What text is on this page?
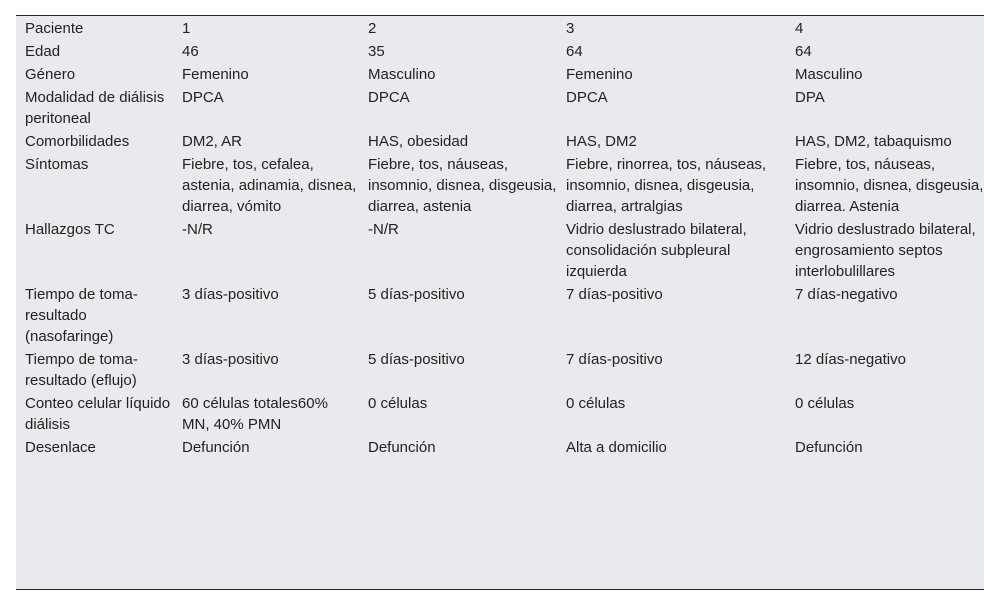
Paciente	1	2	3	4
Edad	46	35	64	64
Género	Femenino	Masculino	Femenino	Masculino
Modalidad de diálisis peritoneal	DPCA	DPCA	DPCA	DPA
Comorbilidades	DM2, AR	HAS, obesidad	HAS, DM2	HAS, DM2, tabaquismo
Síntomas	Fiebre, tos, cefalea, astenia, adinamia, disnea, diarrea, vómito	Fiebre, tos, náuseas, insomnio, disnea, disgeusia, diarrea, astenia	Fiebre, rinorrea, tos, náuseas, insomnio, disnea, disgeusia, diarrea, artralgias	Fiebre, tos, náuseas, insomnio, disnea, disgeusia, diarrea. Astenia
Hallazgos TC	-N/R	-N/R	Vidrio deslustrado bilateral, consolidación subpleural izquierda	Vidrio deslustrado bilateral, engrosamiento septos interlobulillares
Tiempo de toma-resultado (nasofaringe)	3 días-positivo	5 días-positivo	7 días-positivo	7 días-negativo
Tiempo de toma-resultado (eflujo)	3 días-positivo	5 días-positivo	7 días-positivo	12 días-negativo
Conteo celular líquido diálisis	60 células totales60% MN, 40% PMN	0 células	0 células	0 células
Desenlace	Defunción	Defunción	Alta a domicilio	Defunción
